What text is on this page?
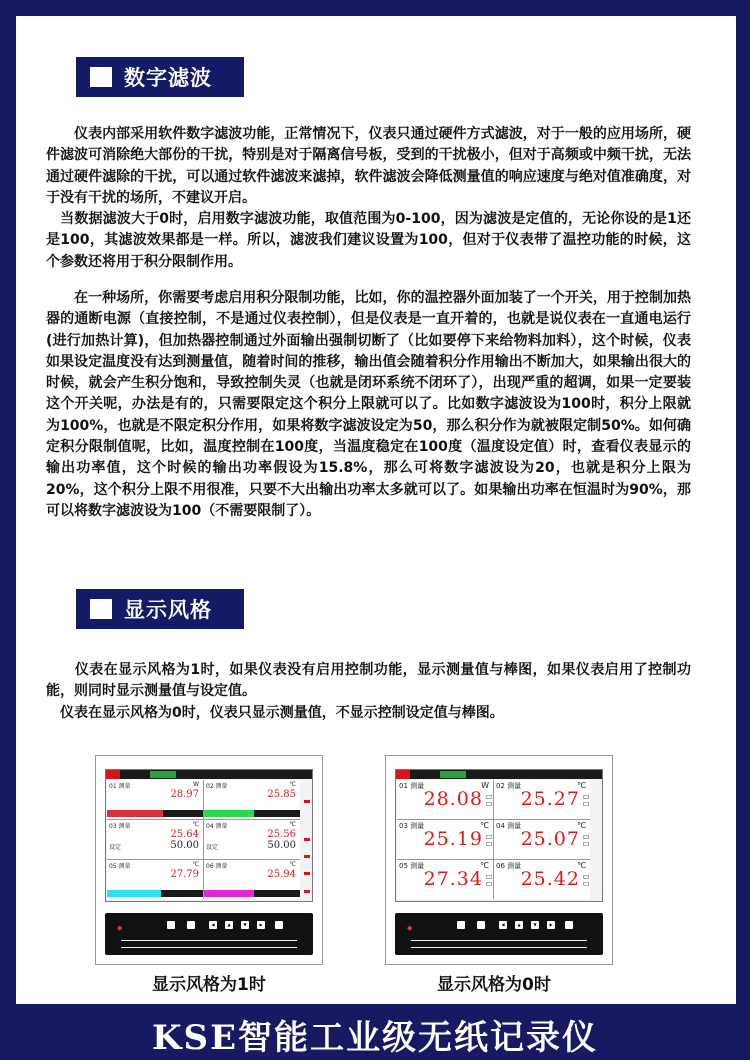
数字滤波

　　仪表内部采用软件数字滤波功能，正常情况下，仪表只通过硬件方式滤波，对于一般的应用场所，硬件滤波可消除绝大部份的干扰，特别是对于隔离信号板，受到的干扰极小，但对于高频或中频干扰，无法通过硬件滤除的干扰，可以通过软件滤波来滤掉，软件滤波会降低测量值的响应速度与绝对值准确度，对于没有干扰的场所，不建议开启。

　当数据滤波大于0时，启用数字滤波功能，取值范围为0-100，因为滤波是定值的，无论你设的是1还是100，其滤波效果都是一样。所以，滤波我们建议设置为100，但对于仪表带了温控功能的时候，这个参数还将用于积分限制作用。

　　在一种场所，你需要考虑启用积分限制功能，比如，你的温控器外面加装了一个开关，用于控制加热器的通断电源（直接控制，不是通过仪表控制），但是仪表是一直开着的，也就是说仪表在一直通电运行(进行加热计算)，但加热器控制通过外面输出强制切断了（比如要停下来给物料加料），这个时候，仪表如果设定温度没有达到测量值，随着时间的推移，输出值会随着积分作用输出不断加大，如果输出很大的时候，就会产生积分饱和，导致控制失灵（也就是闭环系统不闭环了），出现严重的超调，如果一定要装这个开关呢，办法是有的，只需要限定这个积分上限就可以了。比如数字滤波设为100时，积分上限就为100%，也就是不限定积分作用，如果将数字滤波设定为50，那么积分作为就被限定制50%。如何确定积分限制值呢，比如，温度控制在100度，当温度稳定在100度（温度设定值）时，查看仪表显示的输出功率值，这个时候的输出功率假设为15.8%，那么可将数字滤波设为20，也就是积分上限为20%，这个积分上限不用很准，只要不大出输出功率太多就可以了。如果输出功率在恒温时为90%，那可以将数字滤波设为100（不需要限制了）。

显示风格

　　仪表在显示风格为1时，如果仪表没有启用控制功能，显示测量值与棒图，如果仪表启用了控制功能，则同时显示测量值与设定值。

　仪表在显示风格为0时，仪表只显示测量值，不显示控制设定值与棒图。

01 测量	W
28.97
02 测量	℃
25.85
03 测量	℃
25.64
设定	50.00
04 测量	℃
25.56
设定	50.00
05 测量	℃
27.79
06 测量	℃
25.94
◆	◀	▲	▼	▶
01 测量	W
28.08
02 测量	℃
25.27
03 测量	℃
25.19
04 测量	℃
25.07
05 测量	℃
27.34
06 测量	℃
25.42
◆	◀	▲	▼	▶
显示风格为1时	显示风格为0时
KSE智能工业级无纸记录仪
